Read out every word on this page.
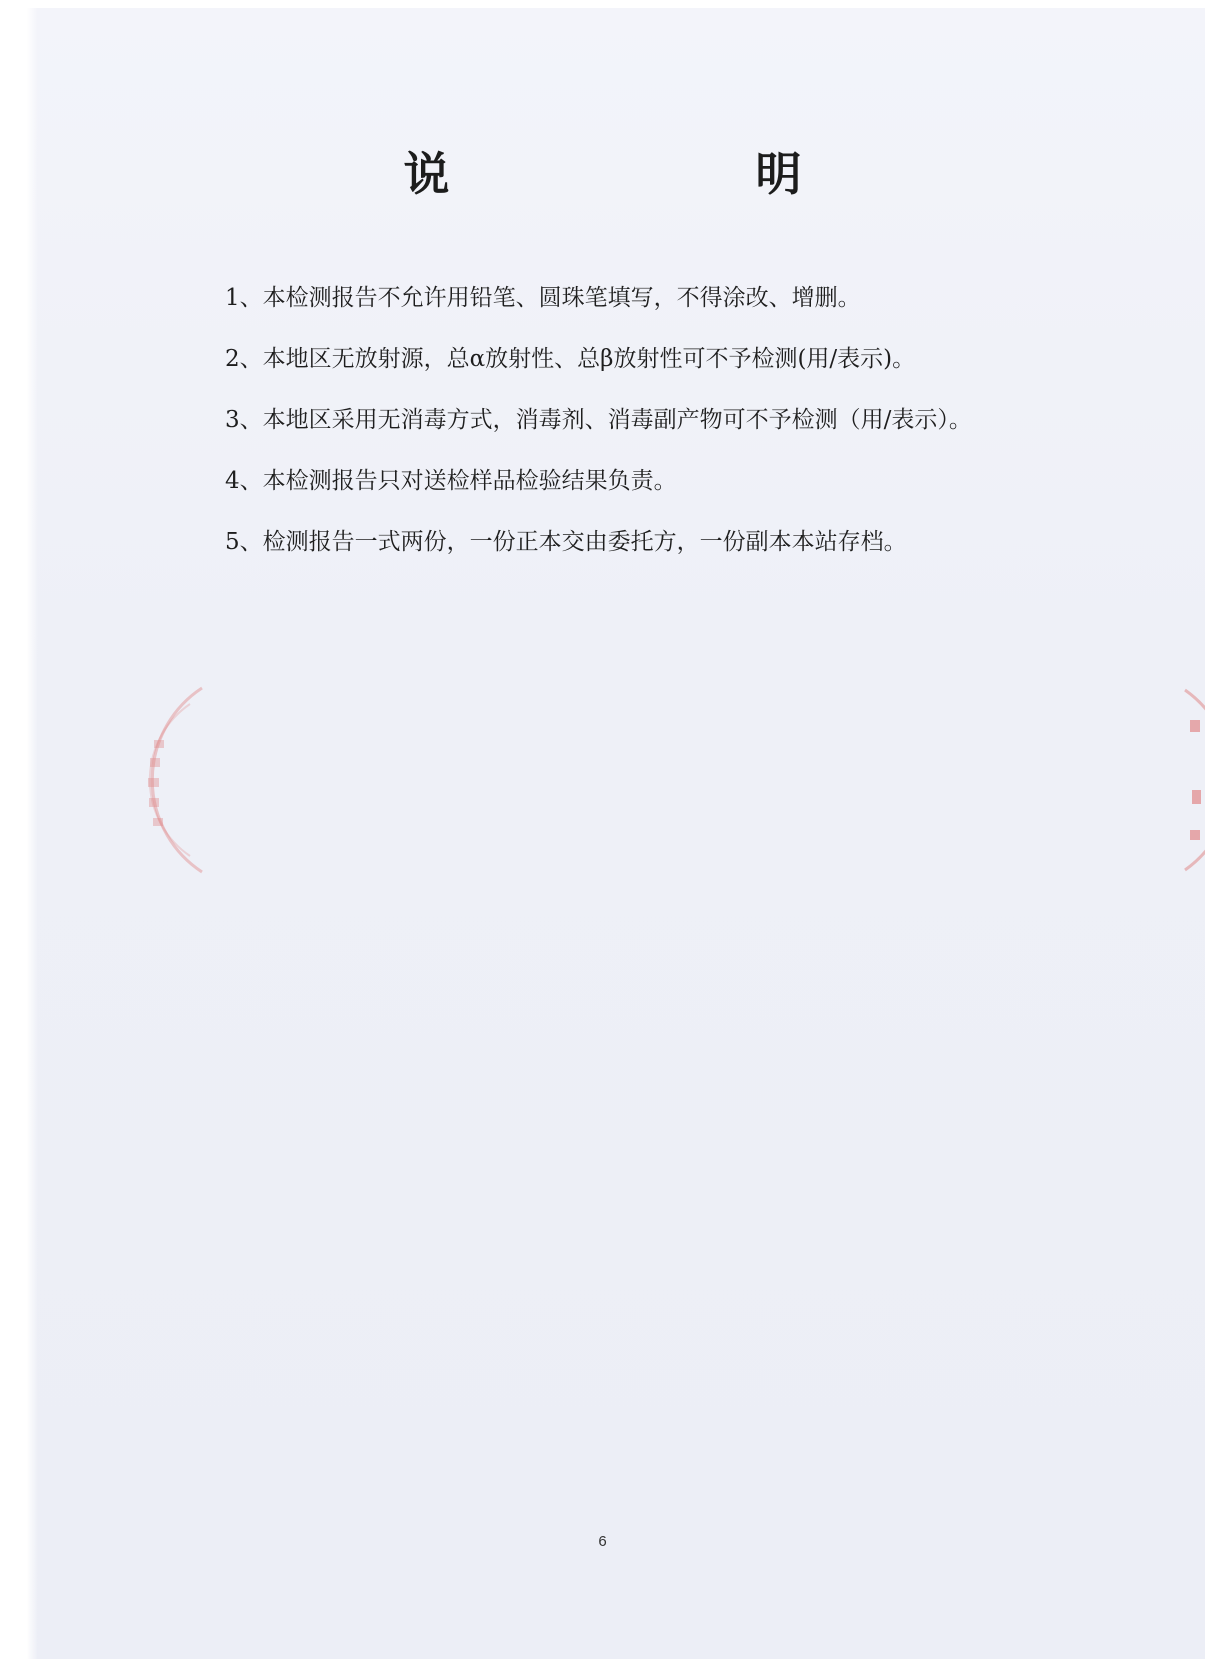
说　明
1、本检测报告不允许用铅笔、圆珠笔填写，不得涂改、增删。
2、本地区无放射源，总α放射性、总β放射性可不予检测(用/表示)。
3、本地区采用无消毒方式，消毒剂、消毒副产物可不予检测（用/表示）。
4、本检测报告只对送检样品检验结果负责。
5、检测报告一式两份，一份正本交由委托方，一份副本本站存档。
6
